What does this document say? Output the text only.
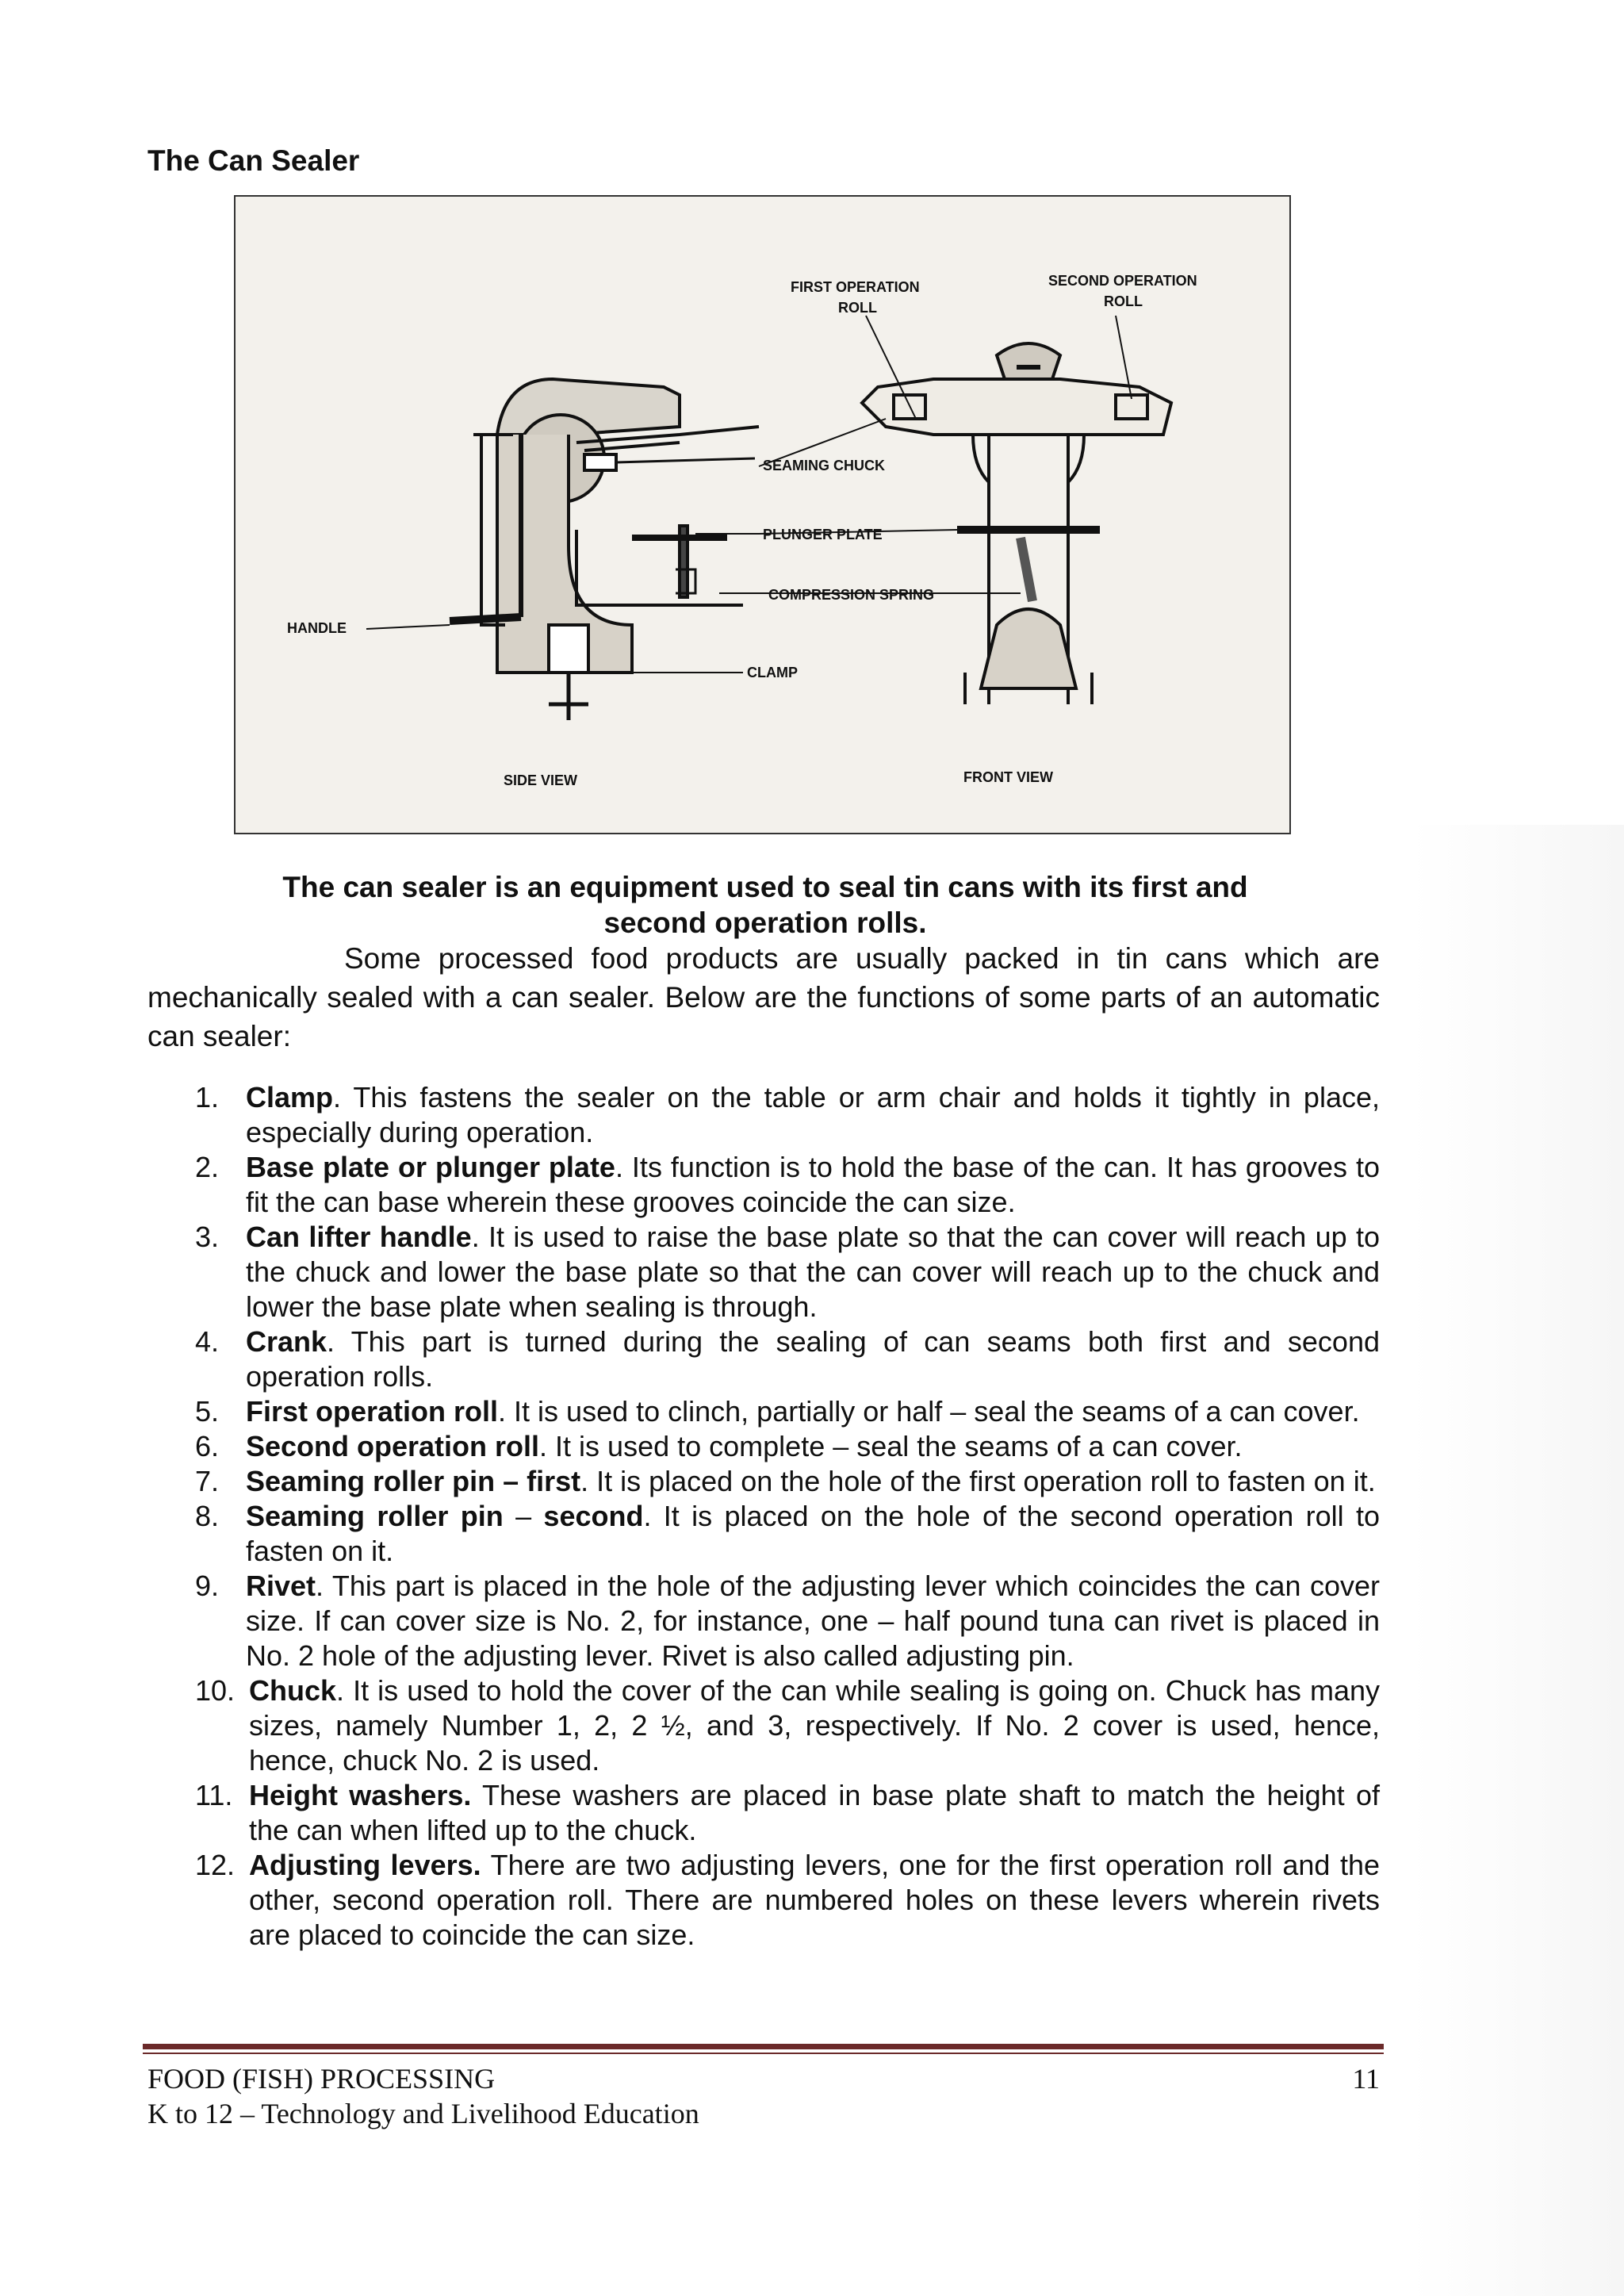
The Can Sealer
FIRST OPERATION
ROLL
SECOND OPERATION
ROLL
SEAMING CHUCK
PLUNGER PLATE
COMPRESSION SPRING
HANDLE
CLAMP
SIDE VIEW	FRONT VIEW

The can sealer is an equipment used to seal tin cans with its first and second operation rolls.

Some processed food products are usually packed in tin cans which are mechanically sealed with a can sealer. Below are the functions of some parts of an automatic can sealer:

1. Clamp. This fastens the sealer on the table or arm chair and holds it tightly in place, especially during operation.
2. Base plate or plunger plate. Its function is to hold the base of the can. It has grooves to fit the can base wherein these grooves coincide the can size.
3. Can lifter handle. It is used to raise the base plate so that the can cover will reach up to the chuck and lower the base plate so that the can cover will reach up to the chuck and lower the base plate when sealing is through.
4. Crank. This part is turned during the sealing of can seams both first and second operation rolls.
5. First operation roll. It is used to clinch, partially or half – seal the seams of a can cover.
6. Second operation roll. It is used to complete – seal the seams of a can cover.
7. Seaming roller pin – first. It is placed on the hole of the first operation roll to fasten on it.
8. Seaming roller pin – second. It is placed on the hole of the second operation roll to fasten on it.
9. Rivet. This part is placed in the hole of the adjusting lever which coincides the can cover size. If can cover size is No. 2, for instance, one – half pound tuna can rivet is placed in No. 2 hole of the adjusting lever. Rivet is also called adjusting pin.
10. Chuck. It is used to hold the cover of the can while sealing is going on. Chuck has many sizes, namely Number 1, 2, 2 ½, and 3, respectively. If No. 2 cover is used, hence, hence, chuck No. 2 is used.
11. Height washers. These washers are placed in base plate shaft to match the height of the can when lifted up to the chuck.
12. Adjusting levers. There are two adjusting levers, one for the first operation roll and the other, second operation roll. There are numbered holes on these levers wherein rivets are placed to coincide the can size.
FOOD (FISH) PROCESSING	11
K to 12 – Technology and Livelihood Education
